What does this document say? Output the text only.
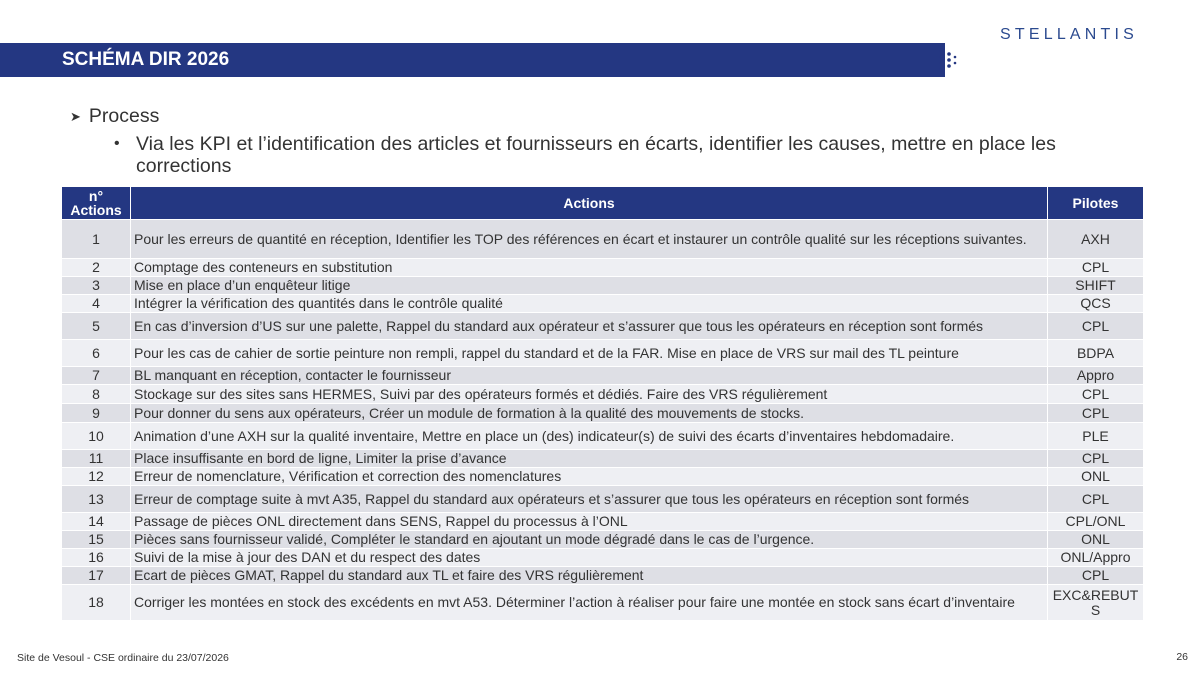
SCHÉMA DIR 2026
STELLANTIS
➤ Process
• Via les KPI et l’identification des articles et fournisseurs en écarts, identifier les causes, mettre en place les corrections
n° Actions	Actions	Pilotes
1	Pour les erreurs de quantité en réception, Identifier les TOP des références en écart et instaurer un contrôle qualité sur les réceptions suivantes.	AXH
2	Comptage des conteneurs en substitution	CPL
3	Mise en place d’un enquêteur litige	SHIFT
4	Intégrer la vérification des quantités dans le contrôle qualité	QCS
5	En cas d’inversion d’US sur une palette, Rappel du standard aux opérateur et s’assurer que tous les opérateurs en réception sont formés	CPL
6	Pour les cas de cahier de sortie peinture non rempli, rappel du standard et de la FAR. Mise en place de VRS sur mail des TL peinture	BDPA
7	BL manquant en réception, contacter le fournisseur	Appro
8	Stockage sur des sites sans HERMES, Suivi par des opérateurs formés et dédiés. Faire des VRS régulièrement	CPL
9	Pour donner du sens aux opérateurs, Créer un module de formation à la qualité des mouvements de stocks.	CPL
10	Animation d’une AXH sur la qualité inventaire, Mettre en place un (des) indicateur(s) de suivi des écarts d’inventaires hebdomadaire.	PLE
11	Place insuffisante en bord de ligne, Limiter la prise d’avance	CPL
12	Erreur de nomenclature, Vérification et correction des nomenclatures	ONL
13	Erreur de comptage suite à mvt A35, Rappel du standard aux opérateurs et s’assurer que tous les opérateurs en réception sont formés	CPL
14	Passage de pièces ONL directement dans SENS, Rappel du processus à l’ONL	CPL/ONL
15	Pièces sans fournisseur validé, Compléter le standard en ajoutant un mode dégradé dans le cas de l’urgence.	ONL
16	Suivi de la mise à jour des DAN et du respect des dates	ONL/Appro
17	Ecart de pièces GMAT, Rappel du standard aux TL et faire des VRS régulièrement	CPL
18	Corriger les montées en stock des excédents en mvt A53. Déterminer l’action à réaliser pour faire une montée en stock sans écart d’inventaire	EXC&REBUTS
Site de Vesoul - CSE ordinaire du 23/07/2026	26
